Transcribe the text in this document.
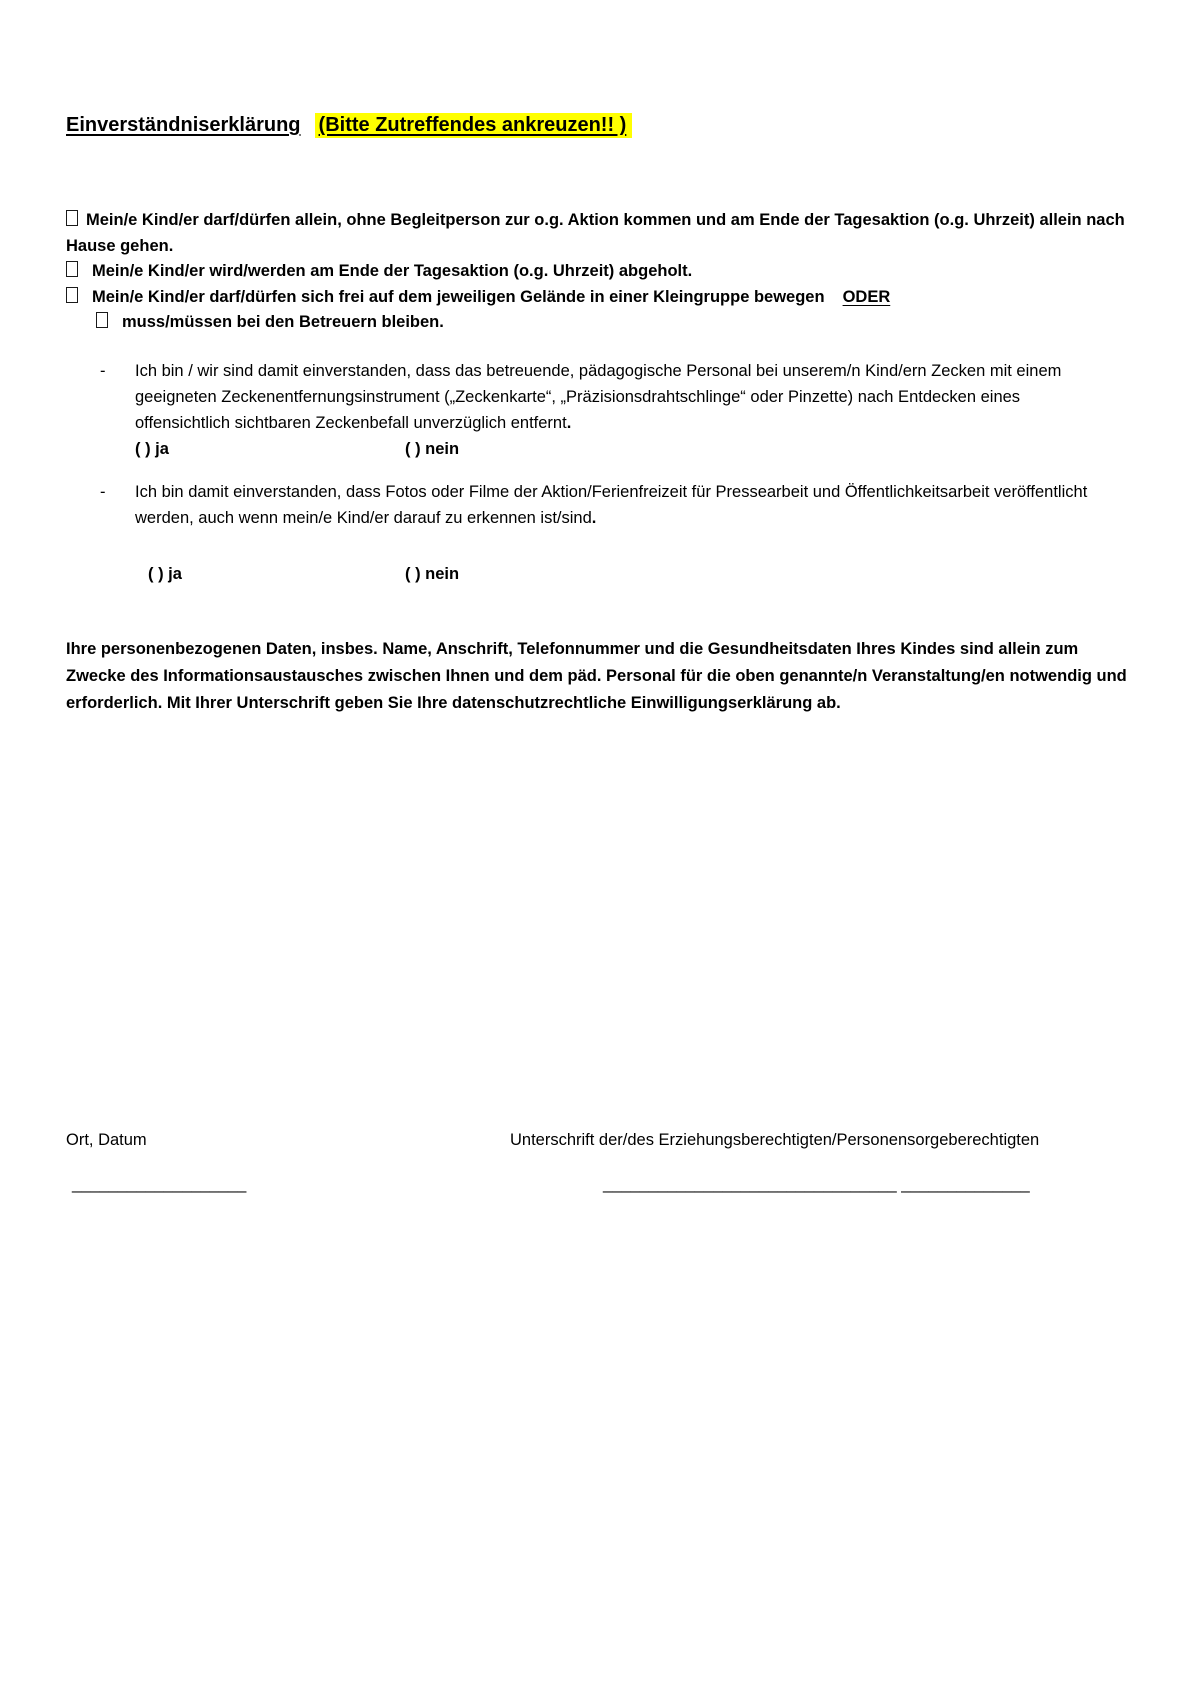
Einverständniserklärung (Bitte Zutreffendes ankreuzen!! )
Mein/e Kind/er darf/dürfen allein, ohne Begleitperson zur o.g. Aktion kommen und am Ende der Tagesaktion (o.g. Uhrzeit) allein nach Hause gehen.
Mein/e Kind/er wird/werden am Ende der Tagesaktion (o.g. Uhrzeit) abgeholt.
Mein/e Kind/er darf/dürfen sich frei auf dem jeweiligen Gelände in einer Kleingruppe bewegen ODER
muss/müssen bei den Betreuern bleiben.
-	Ich bin / wir sind damit einverstanden, dass das betreuende, pädagogische Personal bei unserem/n Kind/ern Zecken mit einem geeigneten Zeckenentfernungsinstrument („Zeckenkarte“, „Präzisionsdrahtschlinge“ oder Pinzette) nach Entdecken eines offensichtlich sichtbaren Zeckenbefall unverzüglich entfernt.
( ) ja	( ) nein
-	Ich bin damit einverstanden, dass Fotos oder Filme der Aktion/Ferienfreizeit für Pressearbeit und Öffentlichkeitsarbeit veröffentlicht werden, auch wenn mein/e Kind/er darauf zu erkennen ist/sind.
( ) ja	( ) nein

Ihre personenbezogenen Daten, insbes. Name, Anschrift, Telefonnummer und die Gesundheitsdaten Ihres Kindes sind allein zum Zwecke des Informationsaustausches zwischen Ihnen und dem päd. Personal für die oben genannte/n Veranstaltung/en notwendig und erforderlich. Mit Ihrer Unterschrift geben Sie Ihre datenschutzrechtliche Einwilligungserklärung ab.

Ort, Datum	Unterschrift der/des Erziehungsberechtigten/Personensorgeberechtigten
___________________	________________________________ ______________
